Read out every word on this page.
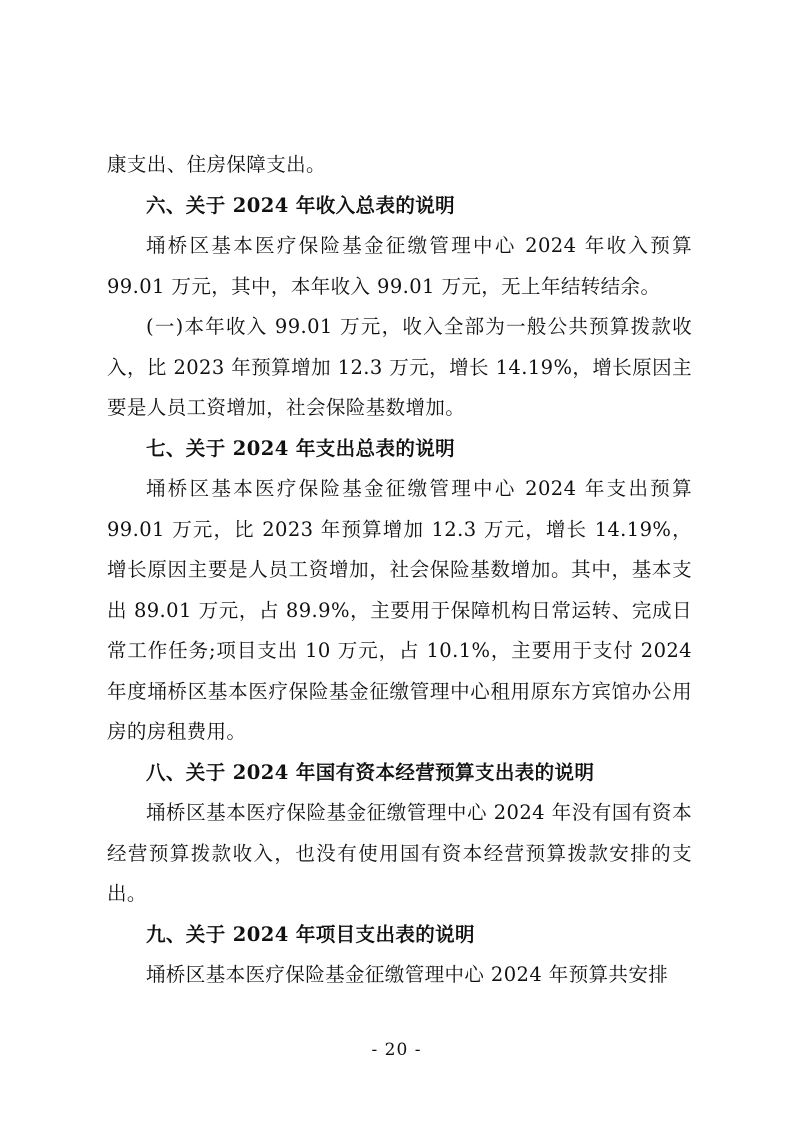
康支出、住房保障支出。

六、关于 2024 年收入总表的说明

埇桥区基本医疗保险基金征缴管理中心 2024 年收入预算 99.01 万元，其中，本年收入 99.01 万元，无上年结转结余。

(一)本年收入 99.01 万元，收入全部为一般公共预算拨款收入，比 2023 年预算增加 12.3 万元，增长 14.19%，增长原因主要是人员工资增加，社会保险基数增加。

七、关于 2024 年支出总表的说明

埇桥区基本医疗保险基金征缴管理中心 2024 年支出预算 99.01 万元，比 2023 年预算增加 12.3 万元，增长 14.19%，增长原因主要是人员工资增加，社会保险基数增加。其中，基本支出 89.01 万元，占 89.9%，主要用于保障机构日常运转、完成日常工作任务;项目支出 10 万元，占 10.1%，主要用于支付 2024 年度埇桥区基本医疗保险基金征缴管理中心租用原东方宾馆办公用房的房租费用。

八、关于 2024 年国有资本经营预算支出表的说明

埇桥区基本医疗保险基金征缴管理中心 2024 年没有国有资本经营预算拨款收入，也没有使用国有资本经营预算拨款安排的支出。

九、关于 2024 年项目支出表的说明

埇桥区基本医疗保险基金征缴管理中心 2024 年预算共安排

- 20 -
